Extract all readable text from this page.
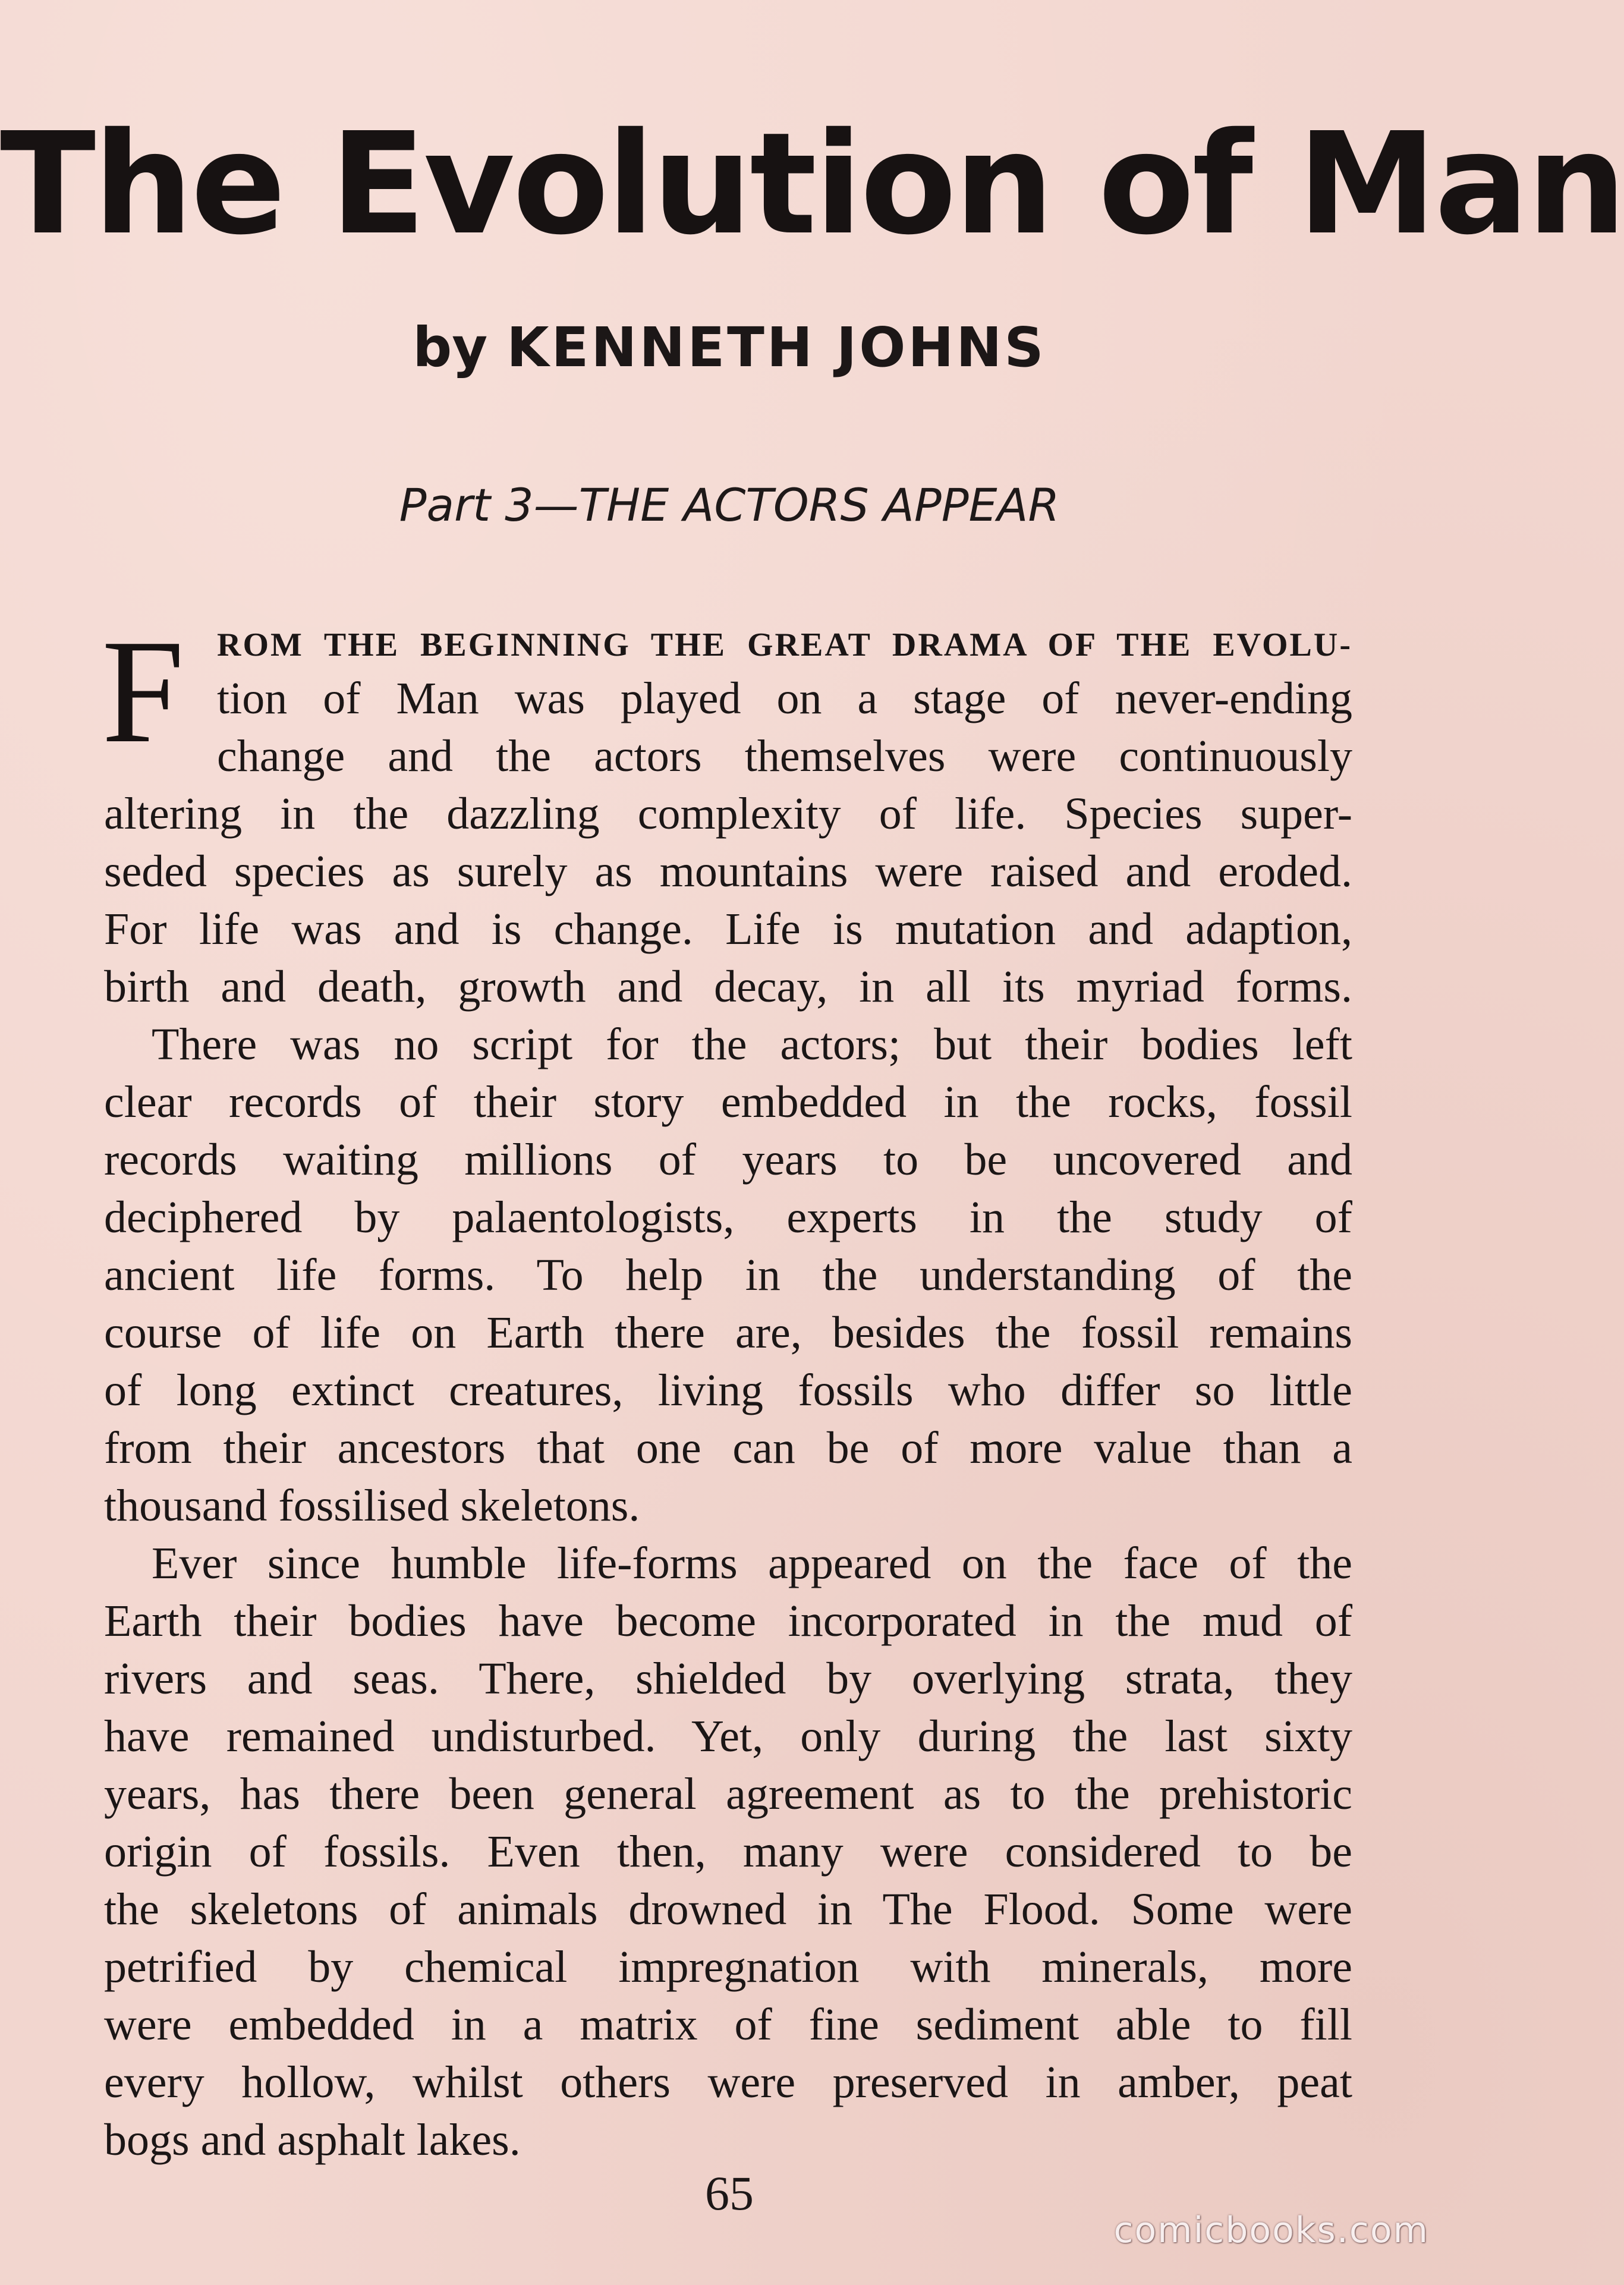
The Evolution of Man
by KENNETH JOHNS
Part 3—THE ACTORS APPEAR
F ROM THE BEGINNING THE GREAT DRAMA OF THE EVOLU-
tion of Man was played on a stage of never-ending
change and the actors themselves were continuously
altering in the dazzling complexity of life. Species super-
seded species as surely as mountains were raised and eroded.
For life was and is change. Life is mutation and adaption,
birth and death, growth and decay, in all its myriad forms.
There was no script for the actors; but their bodies left
clear records of their story embedded in the rocks, fossil
records waiting millions of years to be uncovered and
deciphered by palaentologists, experts in the study of
ancient life forms. To help in the understanding of the
course of life on Earth there are, besides the fossil remains
of long extinct creatures, living fossils who differ so little
from their ancestors that one can be of more value than a
thousand fossilised skeletons.
Ever since humble life-forms appeared on the face of the
Earth their bodies have become incorporated in the mud of
rivers and seas. There, shielded by overlying strata, they
have remained undisturbed. Yet, only during the last sixty
years, has there been general agreement as to the prehistoric
origin of fossils. Even then, many were considered to be
the skeletons of animals drowned in The Flood. Some were
petrified by chemical impregnation with minerals, more
were embedded in a matrix of fine sediment able to fill
every hollow, whilst others were preserved in amber, peat
bogs and asphalt lakes.
65
comicbooks.com
